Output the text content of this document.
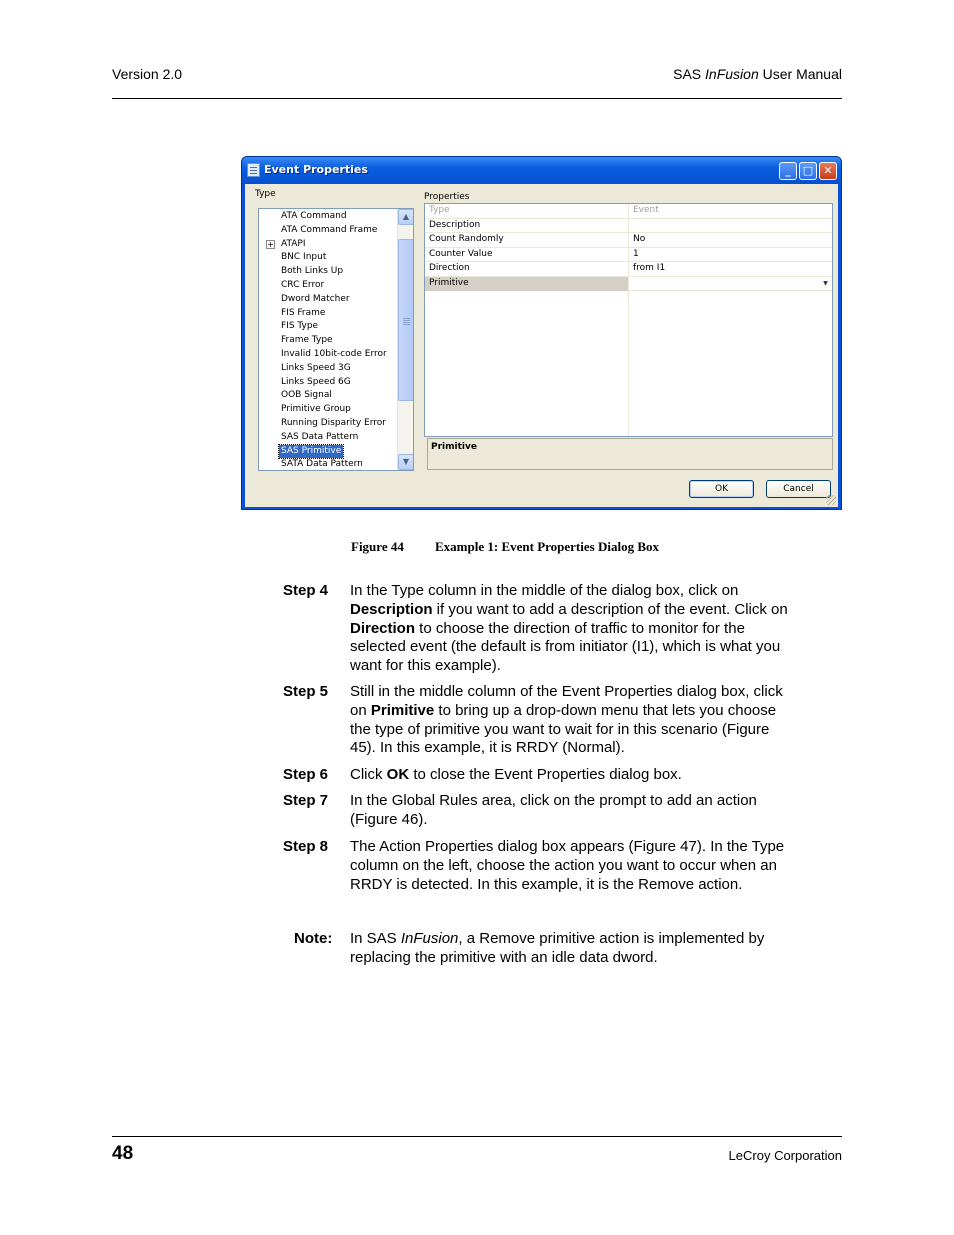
Version 2.0	SAS InFusion User Manual
Event Properties	_	□ ✕
Type	Properties
▲
▼
ATA Command
ATA Command Frame
+ ATAPI
BNC Input
Both Links Up
CRC Error
Dword Matcher
FIS Frame
FIS Type
Frame Type
Invalid 10bit-code Error
Links Speed 3G
Links Speed 6G
OOB Signal
Primitive Group
Running Disparity Error
SAS Data Pattern
SAS Primitive
SATA Data Pattern
Type	Event
Description
Count Randomly	No
Counter Value	1
Direction	from I1
Primitive	▼
Primitive
OK	Cancel
Figure 44 Example 1: Event Properties Dialog Box
Step 4 In the Type column in the middle of the dialog box, click on Description if you want to add a description of the event. Click on Direction to choose the direction of traffic to monitor for the selected event (the default is from initiator (I1), which is what you want for this example).
Step 5 Still in the middle column of the Event Properties dialog box, click on Primitive to bring up a drop-down menu that lets you choose the type of primitive you want to wait for in this scenario (Figure 45). In this example, it is RRDY (Normal).
Step 6 Click OK to close the Event Properties dialog box.
Step 7 In the Global Rules area, click on the prompt to add an action (Figure 46).
Step 8 The Action Properties dialog box appears (Figure 47). In the Type column on the left, choose the action you want to occur when an RRDY is detected. In this example, it is the Remove action.
Note: In SAS InFusion, a Remove primitive action is implemented by replacing the primitive with an idle data dword.
48	LeCroy Corporation
